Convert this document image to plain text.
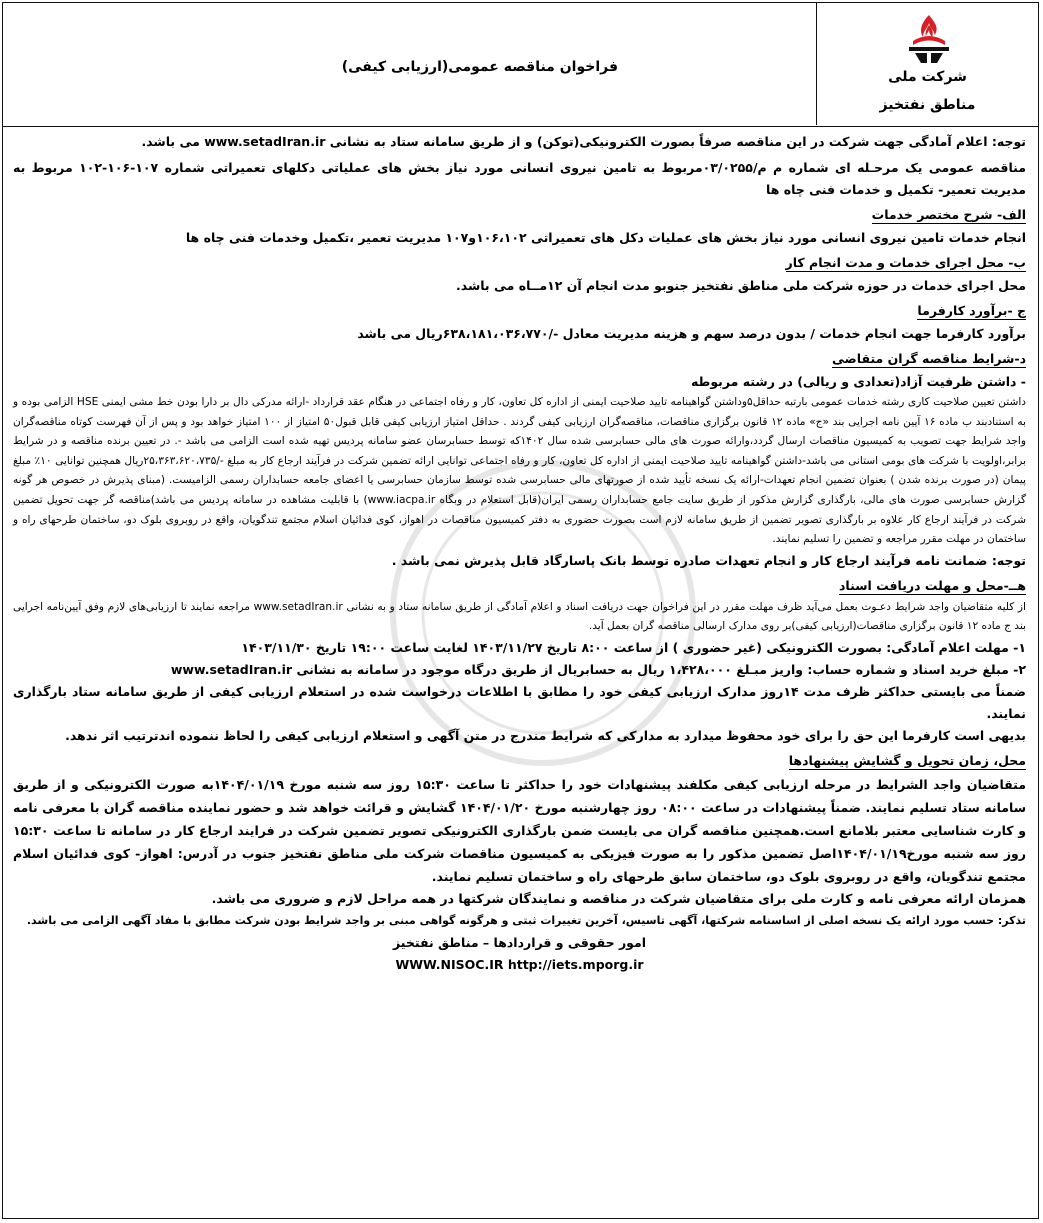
فراخوان مناقصه عمومی(ارزیابی کیفی)
شرکت ملی
مناطق نفتخیز

توجه: اعلام آمادگی جهت شرکت در این مناقصه صرفاً بصورت الکترونیکی(توکن) و از طریق سامانه ستاد به نشانی www.setadIran.ir می باشد.

مناقصه عمومی یک مرحـله ای شماره م م/۰۳/۰۲۵۵مربوط به تامین نیروی انسانی مورد نیاز بخش های عملیاتی دکلهای تعمیراتی شماره ۱۰۷-۱۰۶-۱۰۲ مربوط به مدیریت تعمیر- تکمیل و خدمات فنی چاه ها

الف- شرح مختصر خدمات

انجام خدمات تامین نیروی انسانی مورد نیاز بخش های عملیات دکل های تعمیراتی ۱۰۶،۱۰۲و۱۰۷ مدیریت تعمیر ،تکمیل وخدمات فنی چاه ها

ب- محل اجرای خدمات و مدت انجام کار

محل اجرای خدمات در حوزه شرکت ملی مناطق نفتخیز جنوبو مدت انجام آن ۱۲مــاه می باشد.

ج -برآورد کارفرما

برآورد کارفرما جهت انجام خدمات / بدون درصد سهم و هزینه مدیریت معادل -/۶۳۸،۱۸۱،۰۳۶،۷۷۰ریال می باشد

د-شرایط مناقصه گران متقاضی

- داشتن ظرفیت آزاد(تعدادی و ریالی) در رشته مربوطه

داشتن تعیین صلاحیت کاری رشته خدمات عمومی بارتبه حداقل۵وداشتن گواهینامه تایید صلاحیت ایمنی از اداره کل تعاون، کار و رفاه اجتماعی در هنگام عقد قرارداد -ارائه مدرکی دال بر دارا بودن خط مشی ایمنی HSE الزامی بوده و به استنادبند ب ماده ۱۶ آیین نامه اجرایی بند «ج» ماده ۱۲ قانون برگزاری مناقصات، مناقصه‌گران ارزیابی کیفی گردند . حداقل امتیاز ارزیابی کیفی قابل قبول۵۰ امتیاز از ۱۰۰ امتیاز خواهد بود و پس از آن فهرست کوتاه مناقصه‌گران واجد شرایط جهت تصویب به کمیسیون مناقصات ارسال گردد،وارائه صورت های مالی حسابرسی شده سال ۱۴۰۲که توسط حسابرسان عضو سامانه پردیس تهیه شده است الزامی می باشد -. در تعیین برنده مناقصه و در شرایط برابر،اولویت با شرکت های بومی استانی می باشد-داشتن گواهینامه تایید صلاحیت ایمنی از اداره کل تعاون، کار و رفاه اجتماعی توانایی ارائه تضمین شرکت در فرآیند ارجاع کار به مبلغ -/۲۵،۳۶۳،۶۲۰،۷۳۵ریال همچنین توانایی ۱۰٪ مبلغ پیمان (در صورت برنده شدن ) بعنوان تضمین انجام تعهدات-ارائه یک نسخه تأیید شده از صورتهای مالی حسابرسی شده توسط سازمان حسابرسی یا اعضای جامعه حسابداران رسمی الزامیست. (مبنای پذیرش در خصوص هر گونه گزارش حسابرسی صورت های مالی، بارگذاری گزارش مذکور از طریق سایت جامع حسابداران رسمی ایران(قابل استعلام در وبگاه www.iacpa.ir) با قابلیت مشاهده در سامانه پردیس می باشد)مناقصه گر جهت تحویل تضمین شرکت در فرآیند ارجاع کار علاوه بر بارگذاری تصویر تضمین از طریق سامانه لازم است بصورت حضوری به دفتر کمیسیون مناقصات در اهواز، کوی فدائیان اسلام مجتمع تندگویان، واقع در روبروی بلوک دو، ساختمان طرحهای راه و ساختمان در مهلت مقرر مراجعه و تضمین را تسلیم نمایند.

توجه: ضمانت نامه فرآیند ارجاع کار و انجام تعهدات صادره توسط بانک پاسارگاد قابل پذیرش نمی باشد .

هــ-محل و مهلت دریافت اسناد

از کلیه متقاضیان واجد شرایط دعـوت بعمل می‌آید ظرف مهلت مقرر در این فراخوان جهت دریافت اسناد و اعلام آمادگی از طریق سامانه ستاد و به نشانی www.setadIran.ir مراجعه نمایند تا ارزیابی‌های لازم وفق آیین‌نامه اجرایی بند ج ماده ۱۲ قانون برگزاری مناقصات(ارزیابی کیفی)بر روی مدارک ارسالی مناقصه گران بعمل آید.

۱- مهلت اعلام آمادگی: بصورت الکترونیکی (غیر حضوری ) از ساعت ۸:۰۰ تاریخ ۱۴۰۳/۱۱/۲۷ لغایت ساعت ۱۹:۰۰ تاریخ ۱۴۰۳/۱۱/۳۰

۲- مبلغ خرید اسناد و شماره حساب: واریز مبـلغ ۱،۴۲۸،۰۰۰ ریال به حسابریال از طریق درگاه موجود در سامانه به نشانی www.setadIran.ir

ضمناً می بایستی حداکثر ظرف مدت ۱۴روز مدارک ارزیابی کیفی خود را مطابق با اطلاعات درخواست شده در استعلام ارزیابی کیفی از طریق سامانه ستاد بارگذاری نمایند.

بدیهی است کارفرما این حق را برای خود محفوظ میدارد به مدارکی که شرایط مندرج در متن آگهی و استعلام ارزیابی کیفی را لحاظ ننموده اندترتیب اثر ندهد.

محل، زمان تحویل و گشایش پیشنهادها

متقاضیان واجد الشرایط در مرحله ارزیابی کیفی مکلفند پیشنهادات خود را حداکثر تا ساعت ۱۵:۳۰ روز سه شنبه مورخ ۱۴۰۴/۰۱/۱۹به صورت الکترونیکی و از طریق سامانه ستاد تسلیم نمایند. ضمناً پیشنهادات در ساعت ۰۸:۰۰ روز چهارشنبه مورخ ۱۴۰۴/۰۱/۲۰ گشایش و قرائت خواهد شد و حضور نماینده مناقصه گران با معرفی نامه و کارت شناسایی معتبر بلامانع است.همچنین مناقصه گران می بایست ضمن بارگذاری الکترونیکی تصویر تضمین شرکت در فرایند ارجاع کار در سامانه تا ساعت ۱۵:۳۰ روز سه شنبه مورخ۱۴۰۴/۰۱/۱۹اصل تضمین مذکور را به صورت فیزیکی به کمیسیون مناقصات شرکت ملی مناطق نفتخیز جنوب در آدرس: اهواز- کوی فدائیان اسلام مجتمع تندگویان، واقع در روبروی بلوک دو، ساختمان سابق طرحهای راه و ساختمان تسلیم نمایند.

همزمان ارائه معرفی نامه و کارت ملی برای متقاضیان شرکت در مناقصه و نمایندگان شرکتها در همه مراحل لازم و ضروری می باشد.

تذکر: حسب مورد ارائه یک نسخه اصلی از اساسنامه شرکتها، آگهی تاسیس، آخرین تغییرات ثبتی و هرگونه گواهی مبنی بر واجد شرایط بودن شرکت مطابق با مفاد آگهی الزامی می باشد.

امور حقوقی و قراردادها – مناطق نفتخیز

WWW.NISOC.IR http://iets.mporg.ir
